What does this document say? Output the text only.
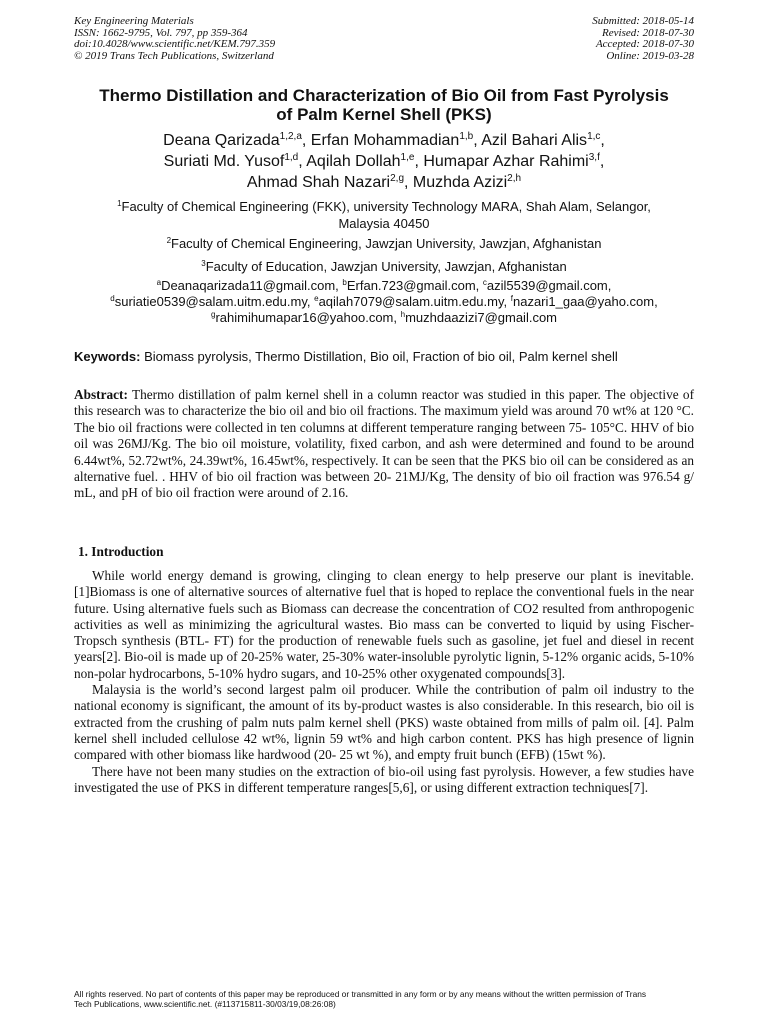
Key Engineering Materials
ISSN: 1662-9795, Vol. 797, pp 359-364
doi:10.4028/www.scientific.net/KEM.797.359
© 2019 Trans Tech Publications, Switzerland
Submitted: 2018-05-14
Revised: 2018-07-30
Accepted: 2018-07-30
Online: 2019-03-28
Thermo Distillation and Characterization of Bio Oil from Fast Pyrolysis
of Palm Kernel Shell (PKS)
Deana Qarizada$^{1,2,a}$, Erfan Mohammadian$^{1,b}$, Azil Bahari Alis$^{1,c}$,
Suriati Md. Yusof$^{1,d}$, Aqilah Dollah$^{1,e}$, Humapar Azhar Rahimi$^{3,f}$,
Ahmad Shah Nazari$^{2,g}$, Muzhda Azizi$^{2,h}$
$^1$Faculty of Chemical Engineering (FKK), university Technology MARA, Shah Alam, Selangor,
Malaysia 40450
$^2$Faculty of Chemical Engineering, Jawzjan University, Jawzjan, Afghanistan
$^3$Faculty of Education, Jawzjan University, Jawzjan, Afghanistan
$^a$Deanaqarizada11@gmail.com, $^b$Erfan.723@gmail.com, $^c$azil5539@gmail.com,
$^d$suriatie0539@salam.uitm.edu.my, $^e$aqilah7079@salam.uitm.edu.my, $^f$nazari1_gaa@yaho.com,
$^g$rahimihumapar16@yahoo.com, $^h$muzhdaazizi7@gmail.com
Keywords: Biomass pyrolysis, Thermo Distillation, Bio oil, Fraction of bio oil, Palm kernel shell
Abstract: Thermo distillation of palm kernel shell in a column reactor was studied in this paper. The objective of this research was to characterize the bio oil and bio oil fractions. The maximum yield was around 70 wt% at 120 °C. The bio oil fractions were collected in ten columns at different temperature ranging between 75- 105°C. HHV of bio oil was 26MJ/Kg. The bio oil moisture, volatility, fixed carbon, and ash were determined and found to be around 6.44wt%, 52.72wt%, 24.39wt%, 16.45wt%, respectively. It can be seen that the PKS bio oil can be considered as an alternative fuel. . HHV of bio oil fraction was between 20- 21MJ/Kg, The density of bio oil fraction was 976.54 g/ mL, and pH of bio oil fraction were around of 2.16.
1. Introduction

While world energy demand is growing, clinging to clean energy to help preserve our plant is inevitable. [1]Biomass is one of alternative sources of alternative fuel that is hoped to replace the conventional fuels in the near future. Using alternative fuels such as Biomass can decrease the concentration of CO2 resulted from anthropogenic activities as well as minimizing the agricultural wastes. Bio mass can be converted to liquid by using Fischer- Tropsch synthesis (BTL- FT) for the production of renewable fuels such as gasoline, jet fuel and diesel in recent years[2]. Bio-oil is made up of 20-25% water, 25-30% water-insoluble pyrolytic lignin, 5-12% organic acids, 5-10% non-polar hydrocarbons, 5-10% hydro sugars, and 10-25% other oxygenated compounds[3].

Malaysia is the world’s second largest palm oil producer. While the contribution of palm oil industry to the national economy is significant, the amount of its by-product wastes is also considerable. In this research, bio oil is extracted from the crushing of palm nuts palm kernel shell (PKS) waste obtained from mills of palm oil. [4]. Palm kernel shell included cellulose 42 wt%, lignin 59 wt% and high carbon content. PKS has high presence of lignin compared with other biomass like hardwood (20- 25 wt %), and empty fruit bunch (EFB) (15wt %).

There have not been many studies on the extraction of bio-oil using fast pyrolysis. However, a few studies have investigated the use of PKS in different temperature ranges[5,6], or using different extraction techniques[7].

All rights reserved. No part of contents of this paper may be reproduced or transmitted in any form or by any means without the written permission of Trans
Tech Publications, www.scientific.net. (#113715811-30/03/19,08:26:08)
